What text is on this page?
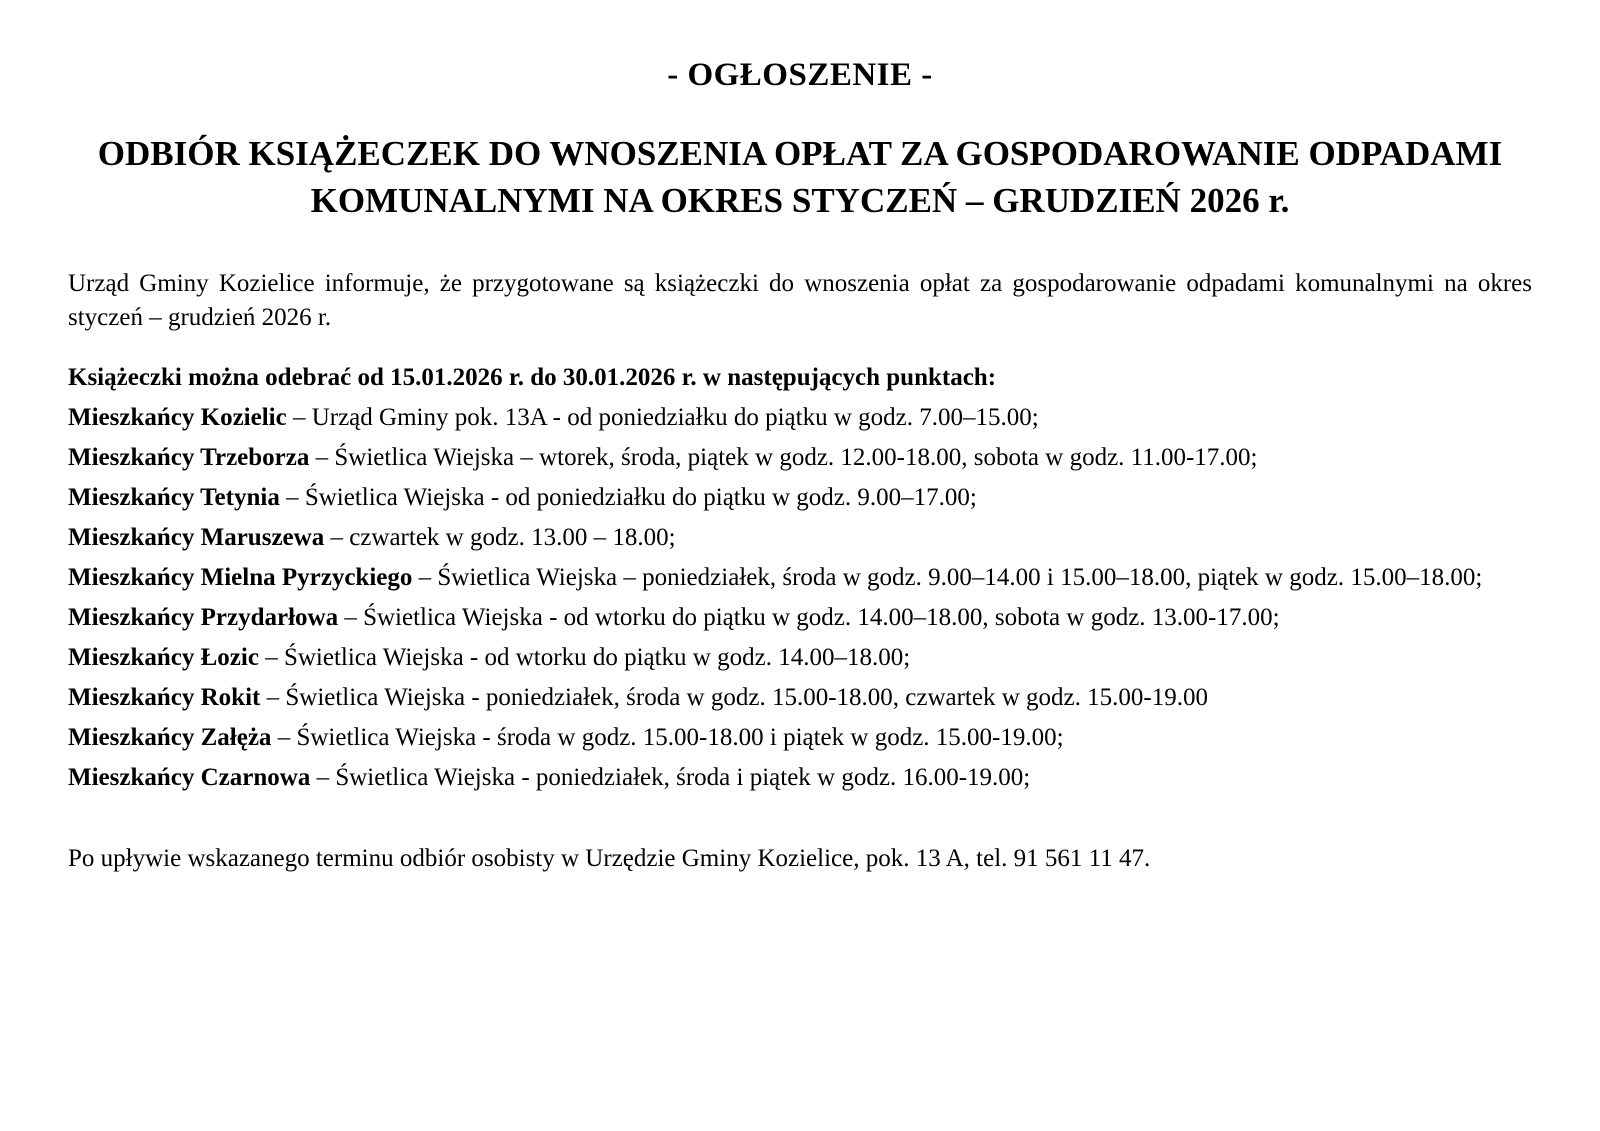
- OGŁOSZENIE -
ODBIÓR KSIĄŻECZEK DO WNOSZENIA OPŁAT ZA GOSPODAROWANIE ODPADAMI KOMUNALNYMI NA OKRES STYCZEŃ – GRUDZIEŃ 2026 r.

Urząd Gminy Kozielice informuje, że przygotowane są książeczki do wnoszenia opłat za gospodarowanie odpadami komunalnymi na okres styczeń – grudzień 2026 r.

Książeczki można odebrać od 15.01.2026 r. do 30.01.2026 r. w następujących punktach:

Mieszkańcy Kozielic – Urząd Gminy pok. 13A - od poniedziałku do piątku w godz. 7.00–15.00;
Mieszkańcy Trzeborza – Świetlica Wiejska – wtorek, środa, piątek w godz. 12.00-18.00, sobota w godz. 11.00-17.00;
Mieszkańcy Tetynia – Świetlica Wiejska - od poniedziałku do piątku w godz. 9.00–17.00;
Mieszkańcy Maruszewa – czwartek w godz. 13.00 – 18.00;
Mieszkańcy Mielna Pyrzyckiego – Świetlica Wiejska – poniedziałek, środa w godz. 9.00–14.00 i 15.00–18.00, piątek w godz. 15.00–18.00;
Mieszkańcy Przydarłowa – Świetlica Wiejska - od wtorku do piątku w godz. 14.00–18.00, sobota w godz. 13.00-17.00;
Mieszkańcy Łozic – Świetlica Wiejska - od wtorku do piątku w godz. 14.00–18.00;
Mieszkańcy Rokit – Świetlica Wiejska - poniedziałek, środa w godz. 15.00-18.00, czwartek w godz. 15.00-19.00
Mieszkańcy Załęża – Świetlica Wiejska - środa w godz. 15.00-18.00 i piątek w godz. 15.00-19.00;
Mieszkańcy Czarnowa – Świetlica Wiejska - poniedziałek, środa i piątek w godz. 16.00-19.00;

Po upływie wskazanego terminu odbiór osobisty w Urzędzie Gminy Kozielice, pok. 13 A, tel. 91 561 11 47.
